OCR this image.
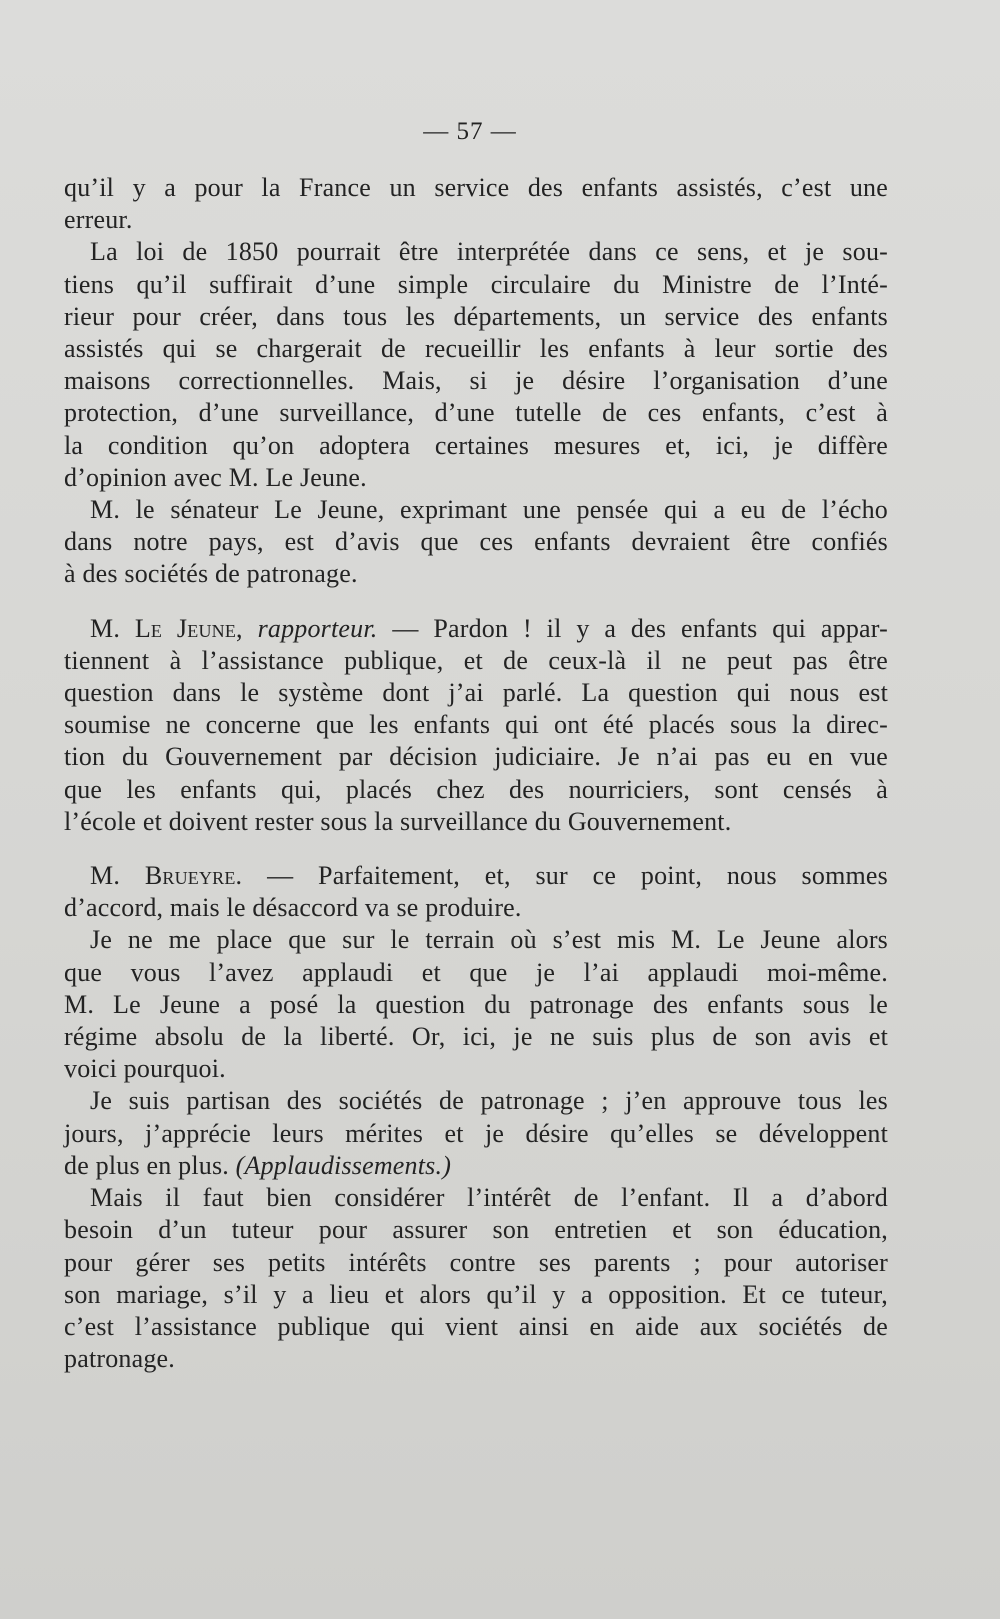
— 57 —
qu’il y a pour la France un service des enfants assistés, c’est une
erreur.
La loi de 1850 pourrait être interprétée dans ce sens, et je sou-
tiens qu’il suffirait d’une simple circulaire du Ministre de l’Inté-
rieur pour créer, dans tous les départements, un service des enfants
assistés qui se chargerait de recueillir les enfants à leur sortie des
maisons correctionnelles. Mais, si je désire l’organisation d’une
protection, d’une surveillance, d’une tutelle de ces enfants, c’est à
la condition qu’on adoptera certaines mesures et, ici, je diffère
d’opinion avec M. Le Jeune.
M. le sénateur Le Jeune, exprimant une pensée qui a eu de l’écho
dans notre pays, est d’avis que ces enfants devraient être confiés
à des sociétés de patronage.
M. Le Jeune, rapporteur. — Pardon ! il y a des enfants qui appar-
tiennent à l’assistance publique, et de ceux-là il ne peut pas être
question dans le système dont j’ai parlé. La question qui nous est
soumise ne concerne que les enfants qui ont été placés sous la direc-
tion du Gouvernement par décision judiciaire. Je n’ai pas eu en vue
que les enfants qui, placés chez des nourriciers, sont censés à
l’école et doivent rester sous la surveillance du Gouvernement.
M. Brueyre. — Parfaitement, et, sur ce point, nous sommes
d’accord, mais le désaccord va se produire.
Je ne me place que sur le terrain où s’est mis M. Le Jeune alors
que vous l’avez applaudi et que je l’ai applaudi moi-même.
M. Le Jeune a posé la question du patronage des enfants sous le
régime absolu de la liberté. Or, ici, je ne suis plus de son avis et
voici pourquoi.
Je suis partisan des sociétés de patronage ; j’en approuve tous les
jours, j’apprécie leurs mérites et je désire qu’elles se développent
de plus en plus. (Applaudissements.)
Mais il faut bien considérer l’intérêt de l’enfant. Il a d’abord
besoin d’un tuteur pour assurer son entretien et son éducation,
pour gérer ses petits intérêts contre ses parents ; pour autoriser
son mariage, s’il y a lieu et alors qu’il y a opposition. Et ce tuteur,
c’est l’assistance publique qui vient ainsi en aide aux sociétés de
patronage.
